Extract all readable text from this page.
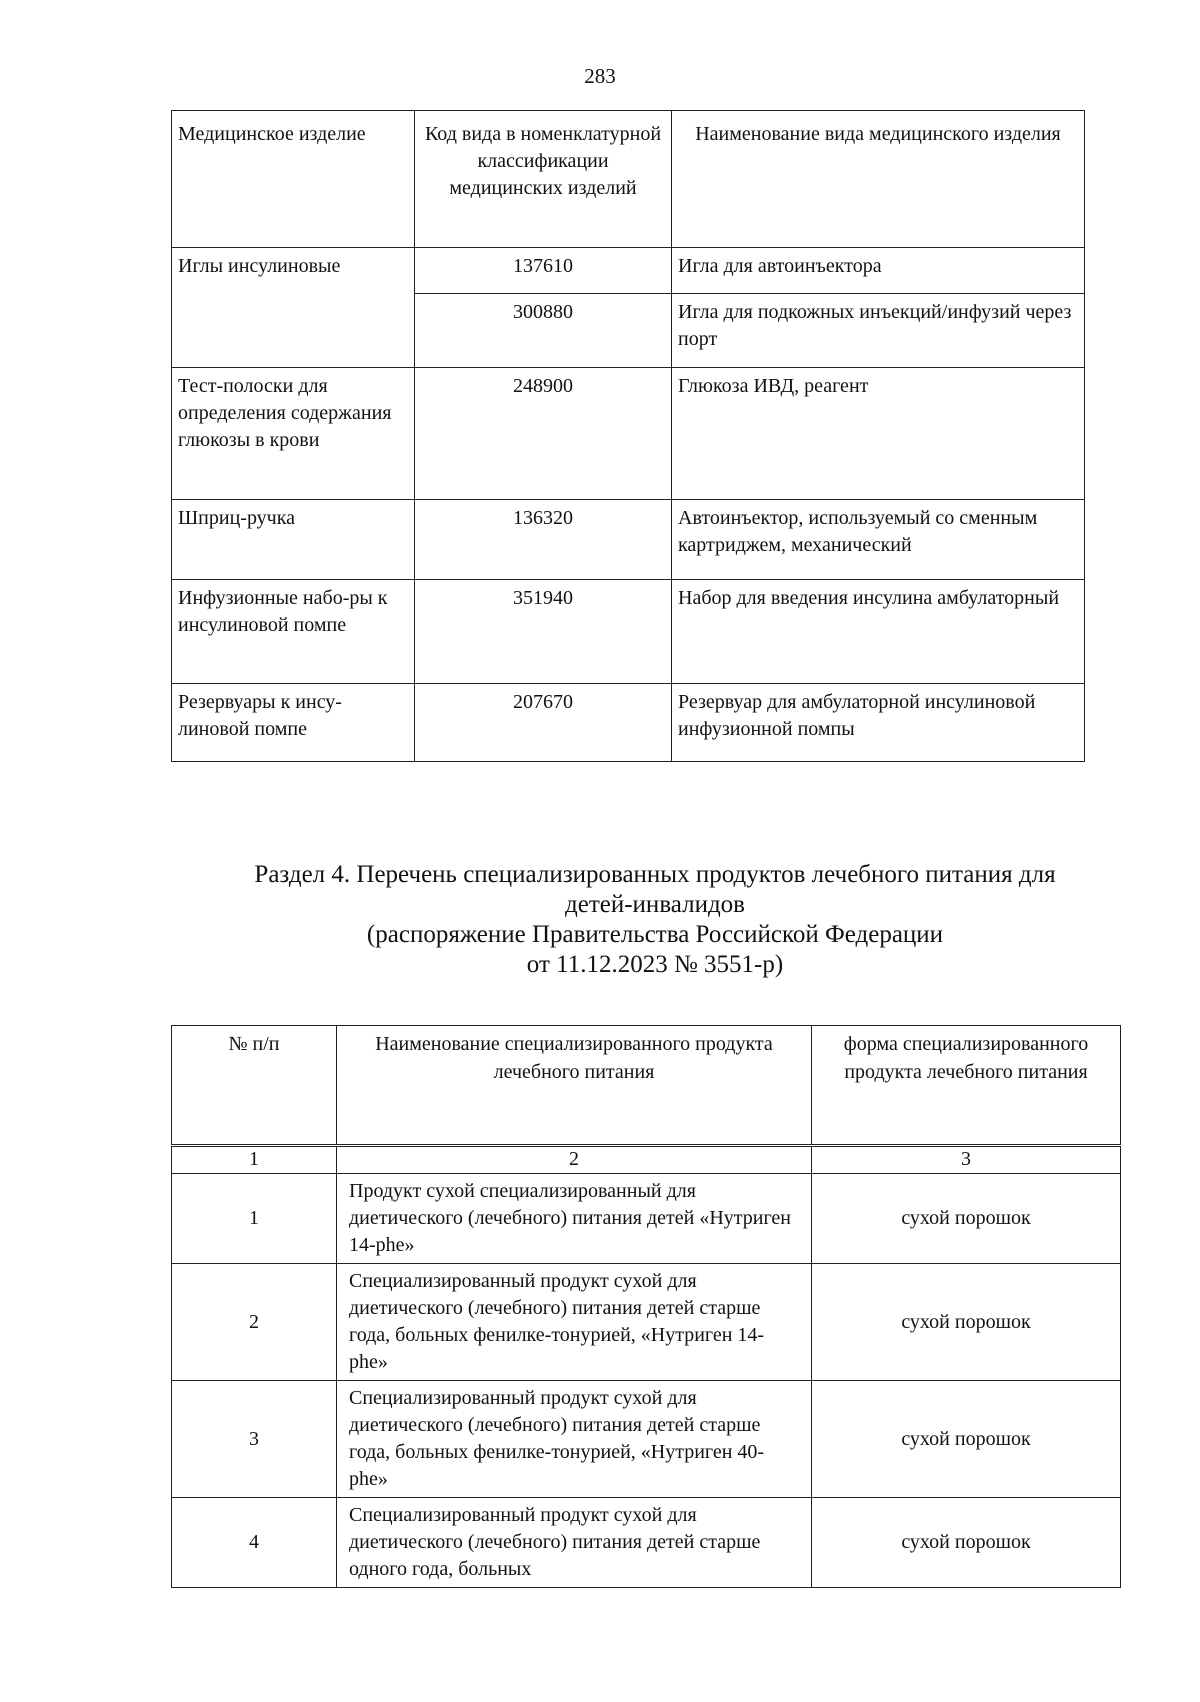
283
Медицинское изделие	Код вида в номенклатурной классификации медицинских изделий	Наименование вида медицинского изделия
Иглы инсулиновые	137610	Игла для автоинъектора
	300880	Игла для подкожных инъекций/инфузий через порт
Тест-полоски для определения содержания глюкозы в крови	248900	Глюкоза ИВД, реагент
Шприц-ручка	136320	Автоинъектор, используемый со сменным картриджем, механический
Инфузионные набо-ры к инсулиновой помпе	351940	Набор для введения инсулина амбулаторный
Резервуары к инсу-линовой помпе	207670	Резервуар для амбулаторной инсулиновой инфузионной помпы
Раздел 4. Перечень специализированных продуктов лечебного питания для
детей-инвалидов
(распоряжение Правительства Российской Федерации
от 11.12.2023 № 3551-р)
№ п/п	Наименование специализированного продукта лечебного питания	форма специализированного продукта лечебного питания
1	2	3
1	Продукт сухой специализированный для диетического (лечебного) питания детей «Нутриген 14-phe»	сухой порошок
2	Специализированный продукт сухой для диетического (лечебного) питания детей старше года, больных фенилке-тонурией, «Нутриген 14-phe»	сухой порошок
3	Специализированный продукт сухой для диетического (лечебного) питания детей старше года, больных фенилке-тонурией, «Нутриген 40-phe»	сухой порошок
4	Специализированный продукт сухой для диетического (лечебного) питания детей старше одного года, больных	сухой порошок
